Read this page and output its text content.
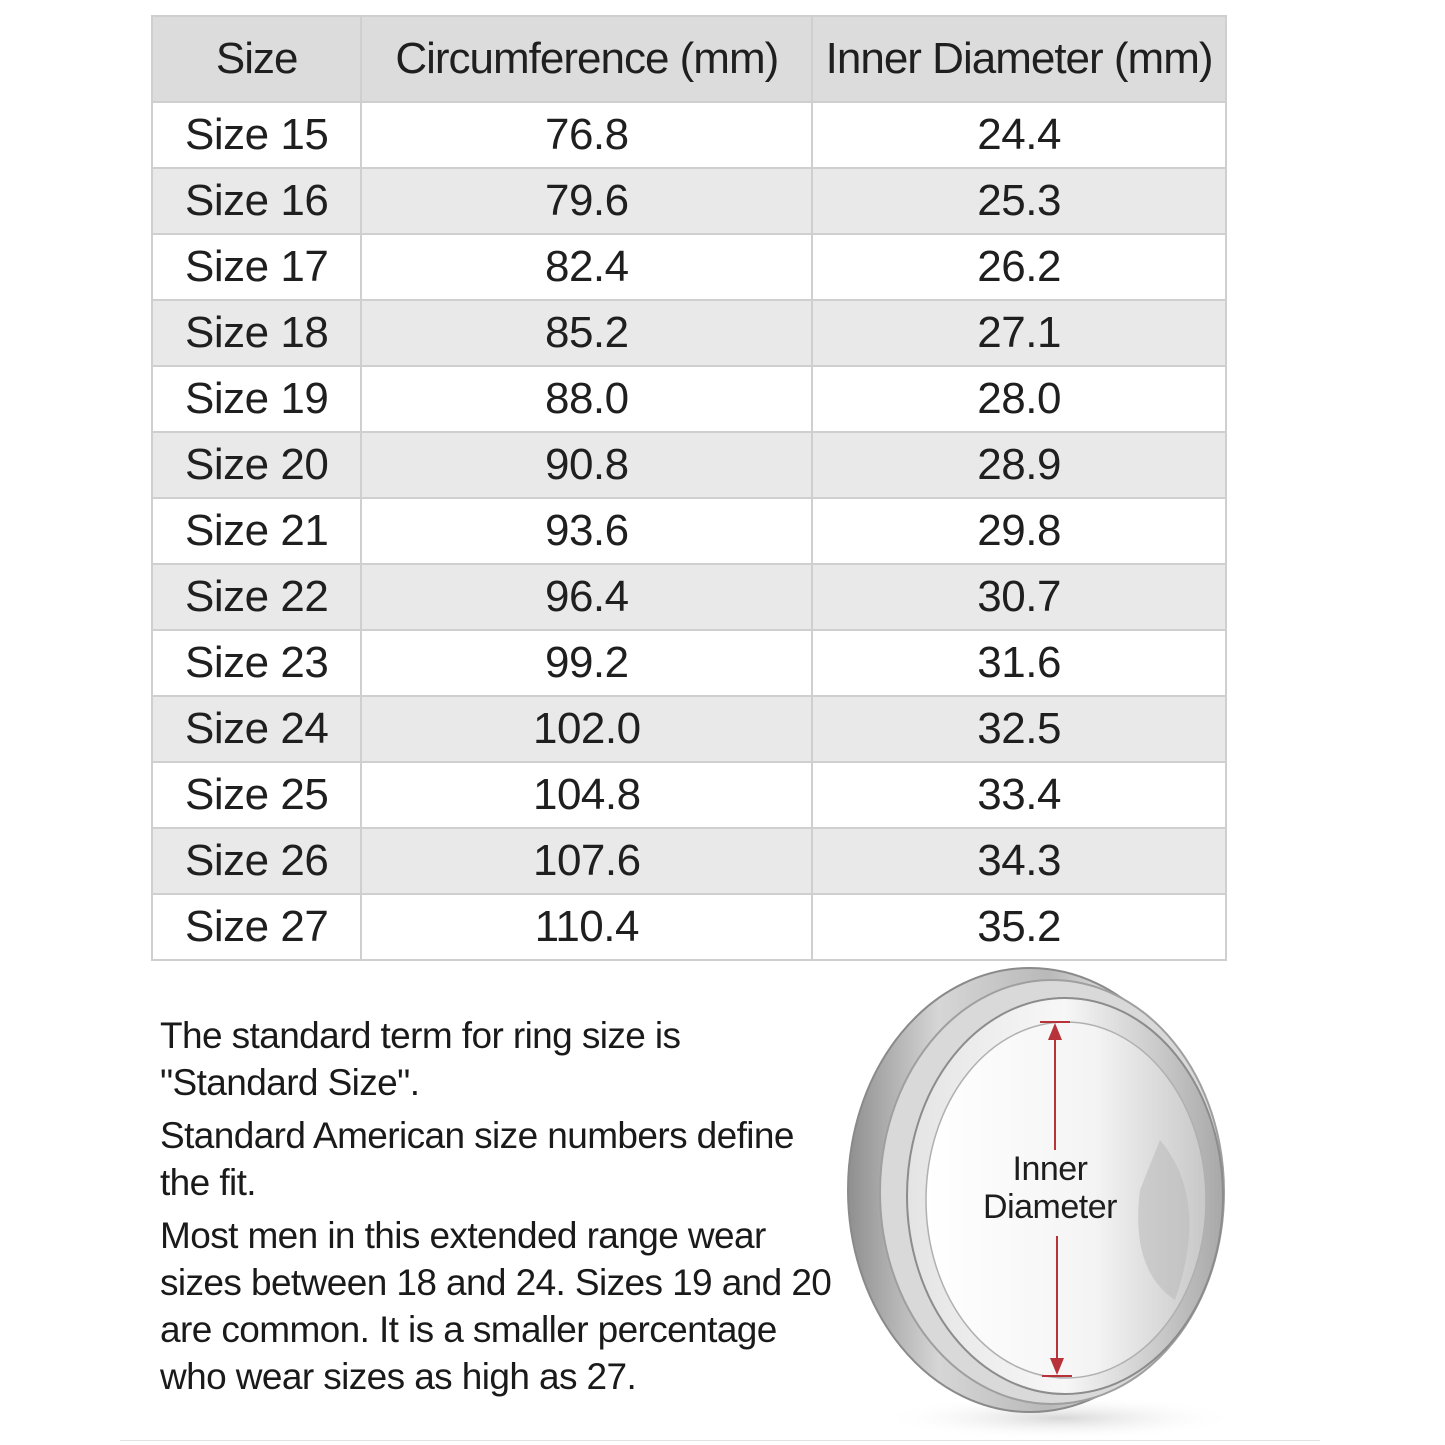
Size	Circumference (mm)	Inner Diameter (mm)
Size 15	76.8	24.4
Size 16	79.6	25.3
Size 17	82.4	26.2
Size 18	85.2	27.1
Size 19	88.0	28.0
Size 20	90.8	28.9
Size 21	93.6	29.8
Size 22	96.4	30.7
Size 23	99.2	31.6
Size 24	102.0	32.5
Size 25	104.8	33.4
Size 26	107.6	34.3
Size 27	110.4	35.2

The standard term for ring size is "Standard Size".

Standard American size numbers define the fit.

Most men in this extended range wear sizes between 18 and 24. Sizes 19 and 20 are common. It is a smaller percentage who wear sizes as high as 27.

Inner
Diameter
